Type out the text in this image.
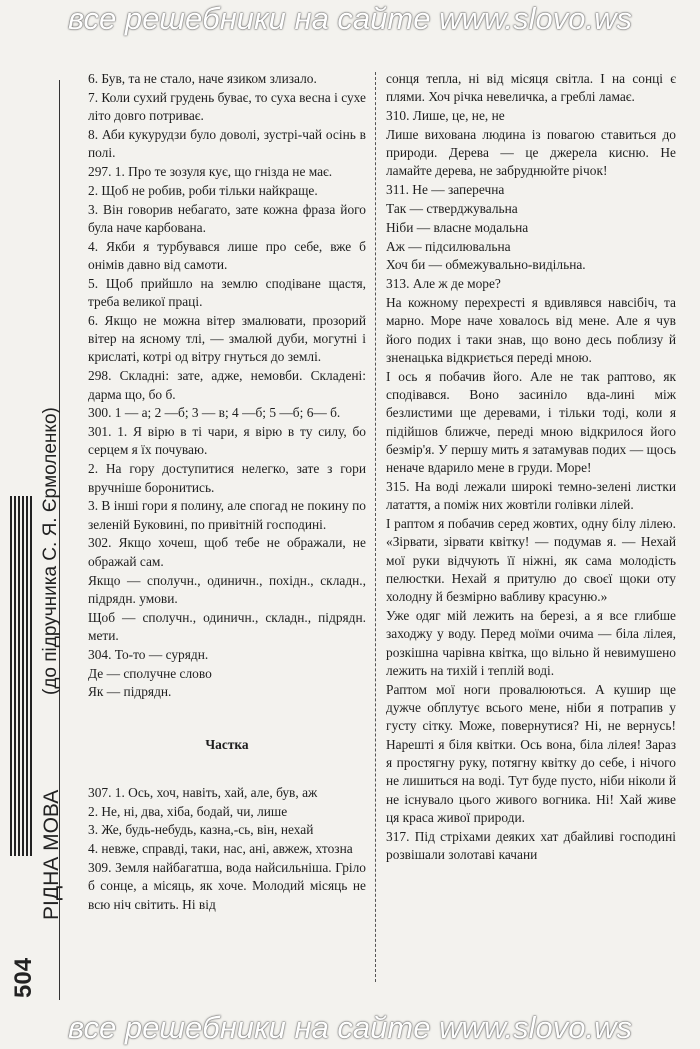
все решебники на сайте www.slovo.ws
(до підручника С. Я. Єрмоленко)
РІДНА МОВА
504

6. Був, та не стало, наче язиком злизало.

7. Коли сухий грудень буває, то суха весна і сухе літо довго потриває.

8. Аби кукурудзи було доволі, зустрі-чай осінь в полі.

297. 1. Про те зозуля кує, що гнізда не має.

2. Щоб не робив, роби тільки найкраще.

3. Він говорив небагато, зате кожна фраза його була наче карбована.

4. Якби я турбувався лише про себе, вже б онімів давно від самоти.

5. Щоб прийшло на землю сподіване щастя, треба великої праці.

6. Якщо не можна вітер змалювати, прозорий вітер на ясному тлі, — змалюй дуби, могутні і крислаті, котрі од вітру гнуться до землі.

298. Складні: зате, адже, немовби. Складені: дарма що, бо б.

300. 1 — а; 2 —б; 3 — в; 4 —б; 5 —б; 6— б.

301. 1. Я вірю в ті чари, я вірю в ту силу, бо серцем я їх почуваю.

2. На гору доступитися нелегко, зате з гори вручніше боронитись.

3. В інші гори я полину, але спогад не покину по зеленій Буковині, по привітній господині.

302. Якщо хочеш, щоб тебе не ображали, не ображай сам.

Якщо — сполучн., одиничн., похідн., складн., підрядн. умови.

Щоб — сполучн., одиничн., складн., підрядн. мети.

304. То-то — сурядн.

Де — сполучне слово

Як — підрядн.

Частка

307. 1. Ось, хоч, навіть, хай, але, був, аж

2. Не, ні, два, хіба, бодай, чи, лише

3. Же, будь-небудь, казна,-сь, він, нехай

4. невже, справді, таки, нас, ані, авжеж, хтозна

309. Земля найбагатша, вода найсильніша. Гріло б сонце, а місяць, як хоче. Молодий місяць не всю ніч світить. Ні від

сонця тепла, ні від місяця світла. І на сонці є плями. Хоч річка невеличка, а греблі ламає.

310. Лише, це, не, не

Лише вихована людина із повагою ставиться до природи. Дерева — це джерела кисню. Не ламайте дерева, не забруднюйте річок!

311. Не — заперечна

Так — стверджувальна

Ніби — власне модальна

Аж — підсилювальна

Хоч би — обмежувально-видільна.

313. Але ж де море?

На кожному перехресті я вдивлявся навсібіч, та марно. Море наче ховалось від мене. Але я чув його подих і таки знав, що воно десь поблизу й зненацька відкриється переді мною.

І ось я побачив його. Але не так раптово, як сподівався. Воно засиніло вда-лині між безлистими ще деревами, і тільки тоді, коли я підійшов ближче, переді мною відкрилося його безмір'я. У першу мить я затамував подих — щось неначе вдарило мене в груди. Море!

315. На воді лежали широкі темно-зелені листки латаття, а поміж них жовтіли голівки лілей.

І раптом я побачив серед жовтих, одну білу лілею. «Зірвати, зірвати квітку! — подумав я. — Нехай мої руки відчують її ніжні, як сама молодість пелюстки. Нехай я притулю до своєї щоки оту холодну й безмірно вабливу красуню.»

Уже одяг мій лежить на березі, а я все глибше заходжу у воду. Перед моїми очима — біла лілея, розкішна чарівна квітка, що вільно й невимушено лежить на тихій і теплій воді.

Раптом мої ноги провалюються. А кушир ще дужче обплутує всього мене, ніби я потрапив у густу сітку. Може, повернутися? Ні, не вернусь! Нарешті я біля квітки. Ось вона, біла лілея! Зараз я простягну руку, потягну квітку до себе, і нічого не лишиться на воді. Тут буде пусто, ніби ніколи й не існувало цього живого вогника. Ні! Хай живе ця краса живої природи.

317. Під стріхами деяких хат дбайливі господині розвішали золотаві качани

все решебники на сайте www.slovo.ws
